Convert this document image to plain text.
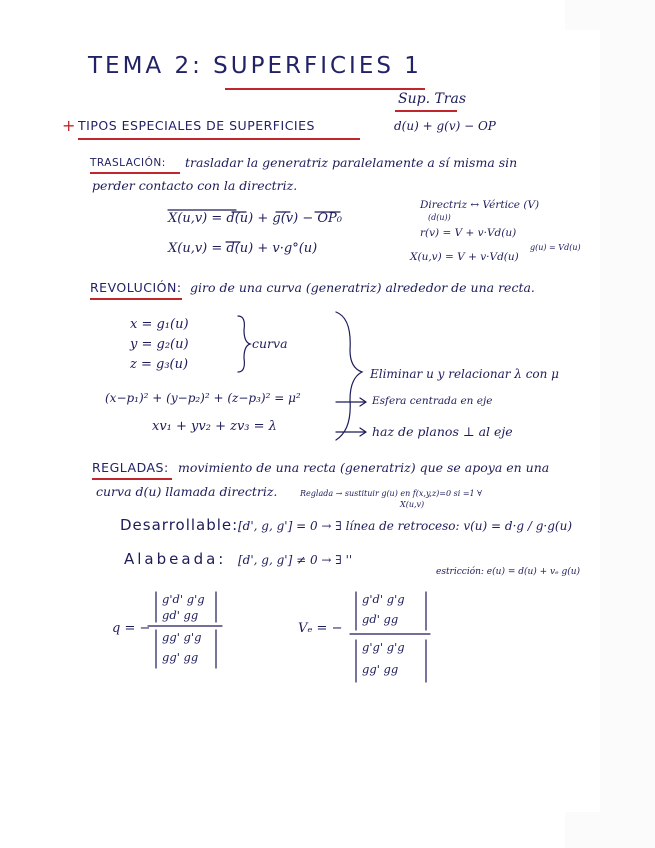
TEMA 2: SUPERFICIES 1
+ TIPOS ESPECIALES DE SUPERFICIES
Sup. Tras
d(u) + g(v) − OP
TRASLACIÓN: trasladar la generatriz paralelamente a sí misma sin
perder contacto con la directriz.
X(u,v) = d(u) + g(v) − OP₀
X(u,v) = d(u) + v·g°(u)
Directriz ↔ Vértice (V)
(d(u))
r(v) = V + v·Vd(u)
X(u,v) = V + v·Vd(u)
g(u) = Vd(u)
REVOLUCIÓN: giro de una curva (generatriz) alrededor de una recta.
x = g₁(u)
y = g₂(u)
z = g₃(u)
curva
Eliminar u y relacionar λ con μ
(x−p₁)² + (y−p₂)² + (z−p₃)² = μ²	Esfera centrada en eje
xv₁ + yv₂ + zv₃ = λ	haz de planos ⊥ al eje
REGLADAS: movimiento de una recta (generatriz) que se apoya en una
curva d(u) llamada directriz.	Reglada → sustituir g(u) en f(x,y,z)=0 si =1 ∀
X(u,v)
Desarrollable: [d', g, g'] = 0 → ∃ línea de retroceso: v(u) = d·g / g·g(u)
Alabeada: [d', g, g'] ≠ 0 → ∃ ''
estricción: e(u) = d(u) + vₑ g(u)
q = −
g'd' g'g
gd' gg
gg' g'g
gg' gg
Vₑ = −
g'd' g'g
gd' gg
g'g' g'g
gg' gg
